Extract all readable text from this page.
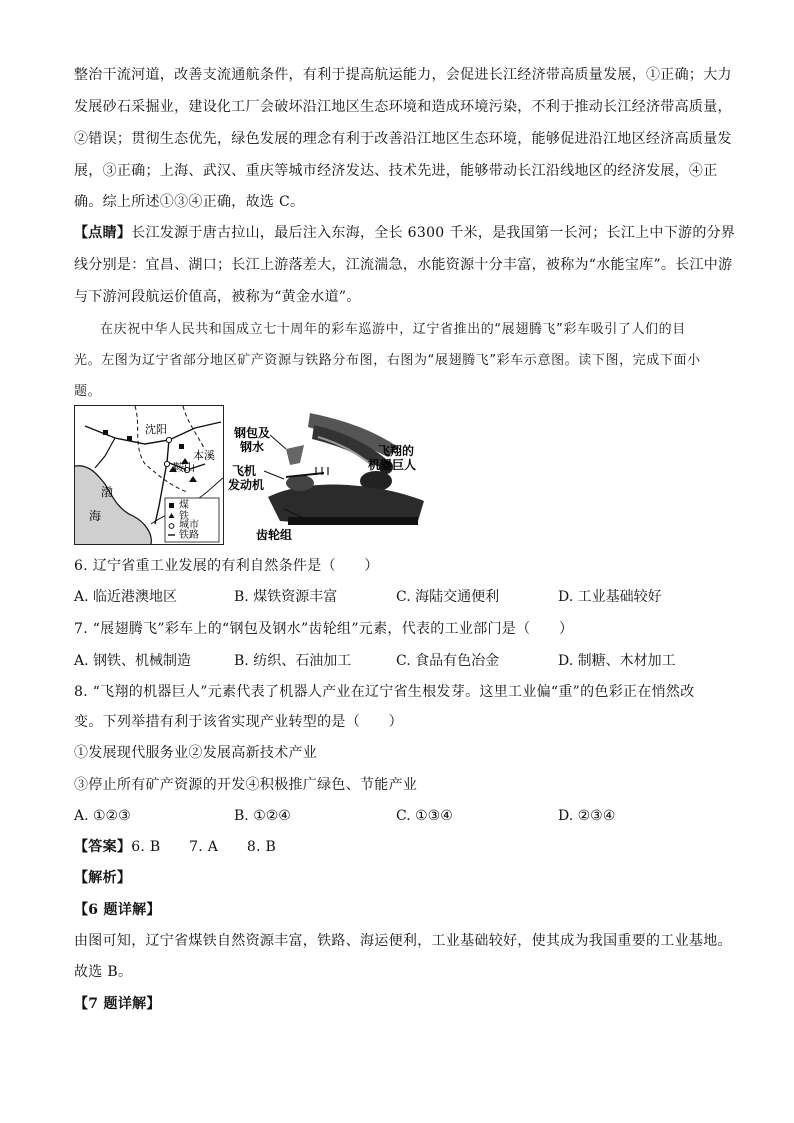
整治干流河道，改善支流通航条件，有利于提高航运能力，会促进长江经济带高质量发展，①正确；大力
发展砂石采掘业，建设化工厂会破坏沿江地区生态环境和造成环境污染，不利于推动长江经济带高质量，
②错误；贯彻生态优先，绿色发展的理念有利于改善沿江地区生态环境，能够促进沿江地区经济高质量发
展，③正确；上海、武汉、重庆等城市经济发达、技术先进，能够带动长江沿线地区的经济发展，④正
确。综上所述①③④正确，故选 C。
【点睛】长江发源于唐古拉山，最后注入东海，全长 6300 千米，是我国第一长河；长江上中下游的分界
线分别是：宜昌、湖口；长江上游落差大，江流湍急，水能资源十分丰富，被称为“水能宝库”。长江中游
与下游河段航运价值高，被称为“黄金水道”。
在庆祝中华人民共和国成立七十周年的彩车巡游中，辽宁省推出的“展翅腾飞”彩车吸引了人们的目
光。左图为辽宁省部分地区矿产资源与铁路分布图，右图为“展翅腾飞”彩车示意图。读下图，完成下面小
题。
沈阳
本溪
鞍山
渤
海
煤
铁
城市
铁路
钢包及
钢水
飞机
发动机
飞翔的
机器巨人
齿轮组
6. 辽宁省重工业发展的有利自然条件是（　　）
A. 临近港澳地区	B. 煤铁资源丰富	C. 海陆交通便利	D. 工业基础较好
7. “展翅腾飞”彩车上的“钢包及钢水”齿轮组”元素，代表的工业部门是（　　）
A. 钢铁、机械制造	B. 纺织、石油加工	C. 食品有色冶金	D. 制糖、木材加工
8. “飞翔的机器巨人”元素代表了机器人产业在辽宁省生根发芽。这里工业偏“重”的色彩正在悄然改
变。下列举措有利于该省实现产业转型的是（　　）
①发展现代服务业②发展高新技术产业
③停止所有矿产资源的开发④积极推广绿色、节能产业
A. ①②③	B. ①②④	C. ①③④	D. ②③④
【答案】6. B　　7. A　　8. B
【解析】
【6 题详解】
由图可知，辽宁省煤铁自然资源丰富，铁路、海运便利，工业基础较好，使其成为我国重要的工业基地。
故选 B。
【7 题详解】
